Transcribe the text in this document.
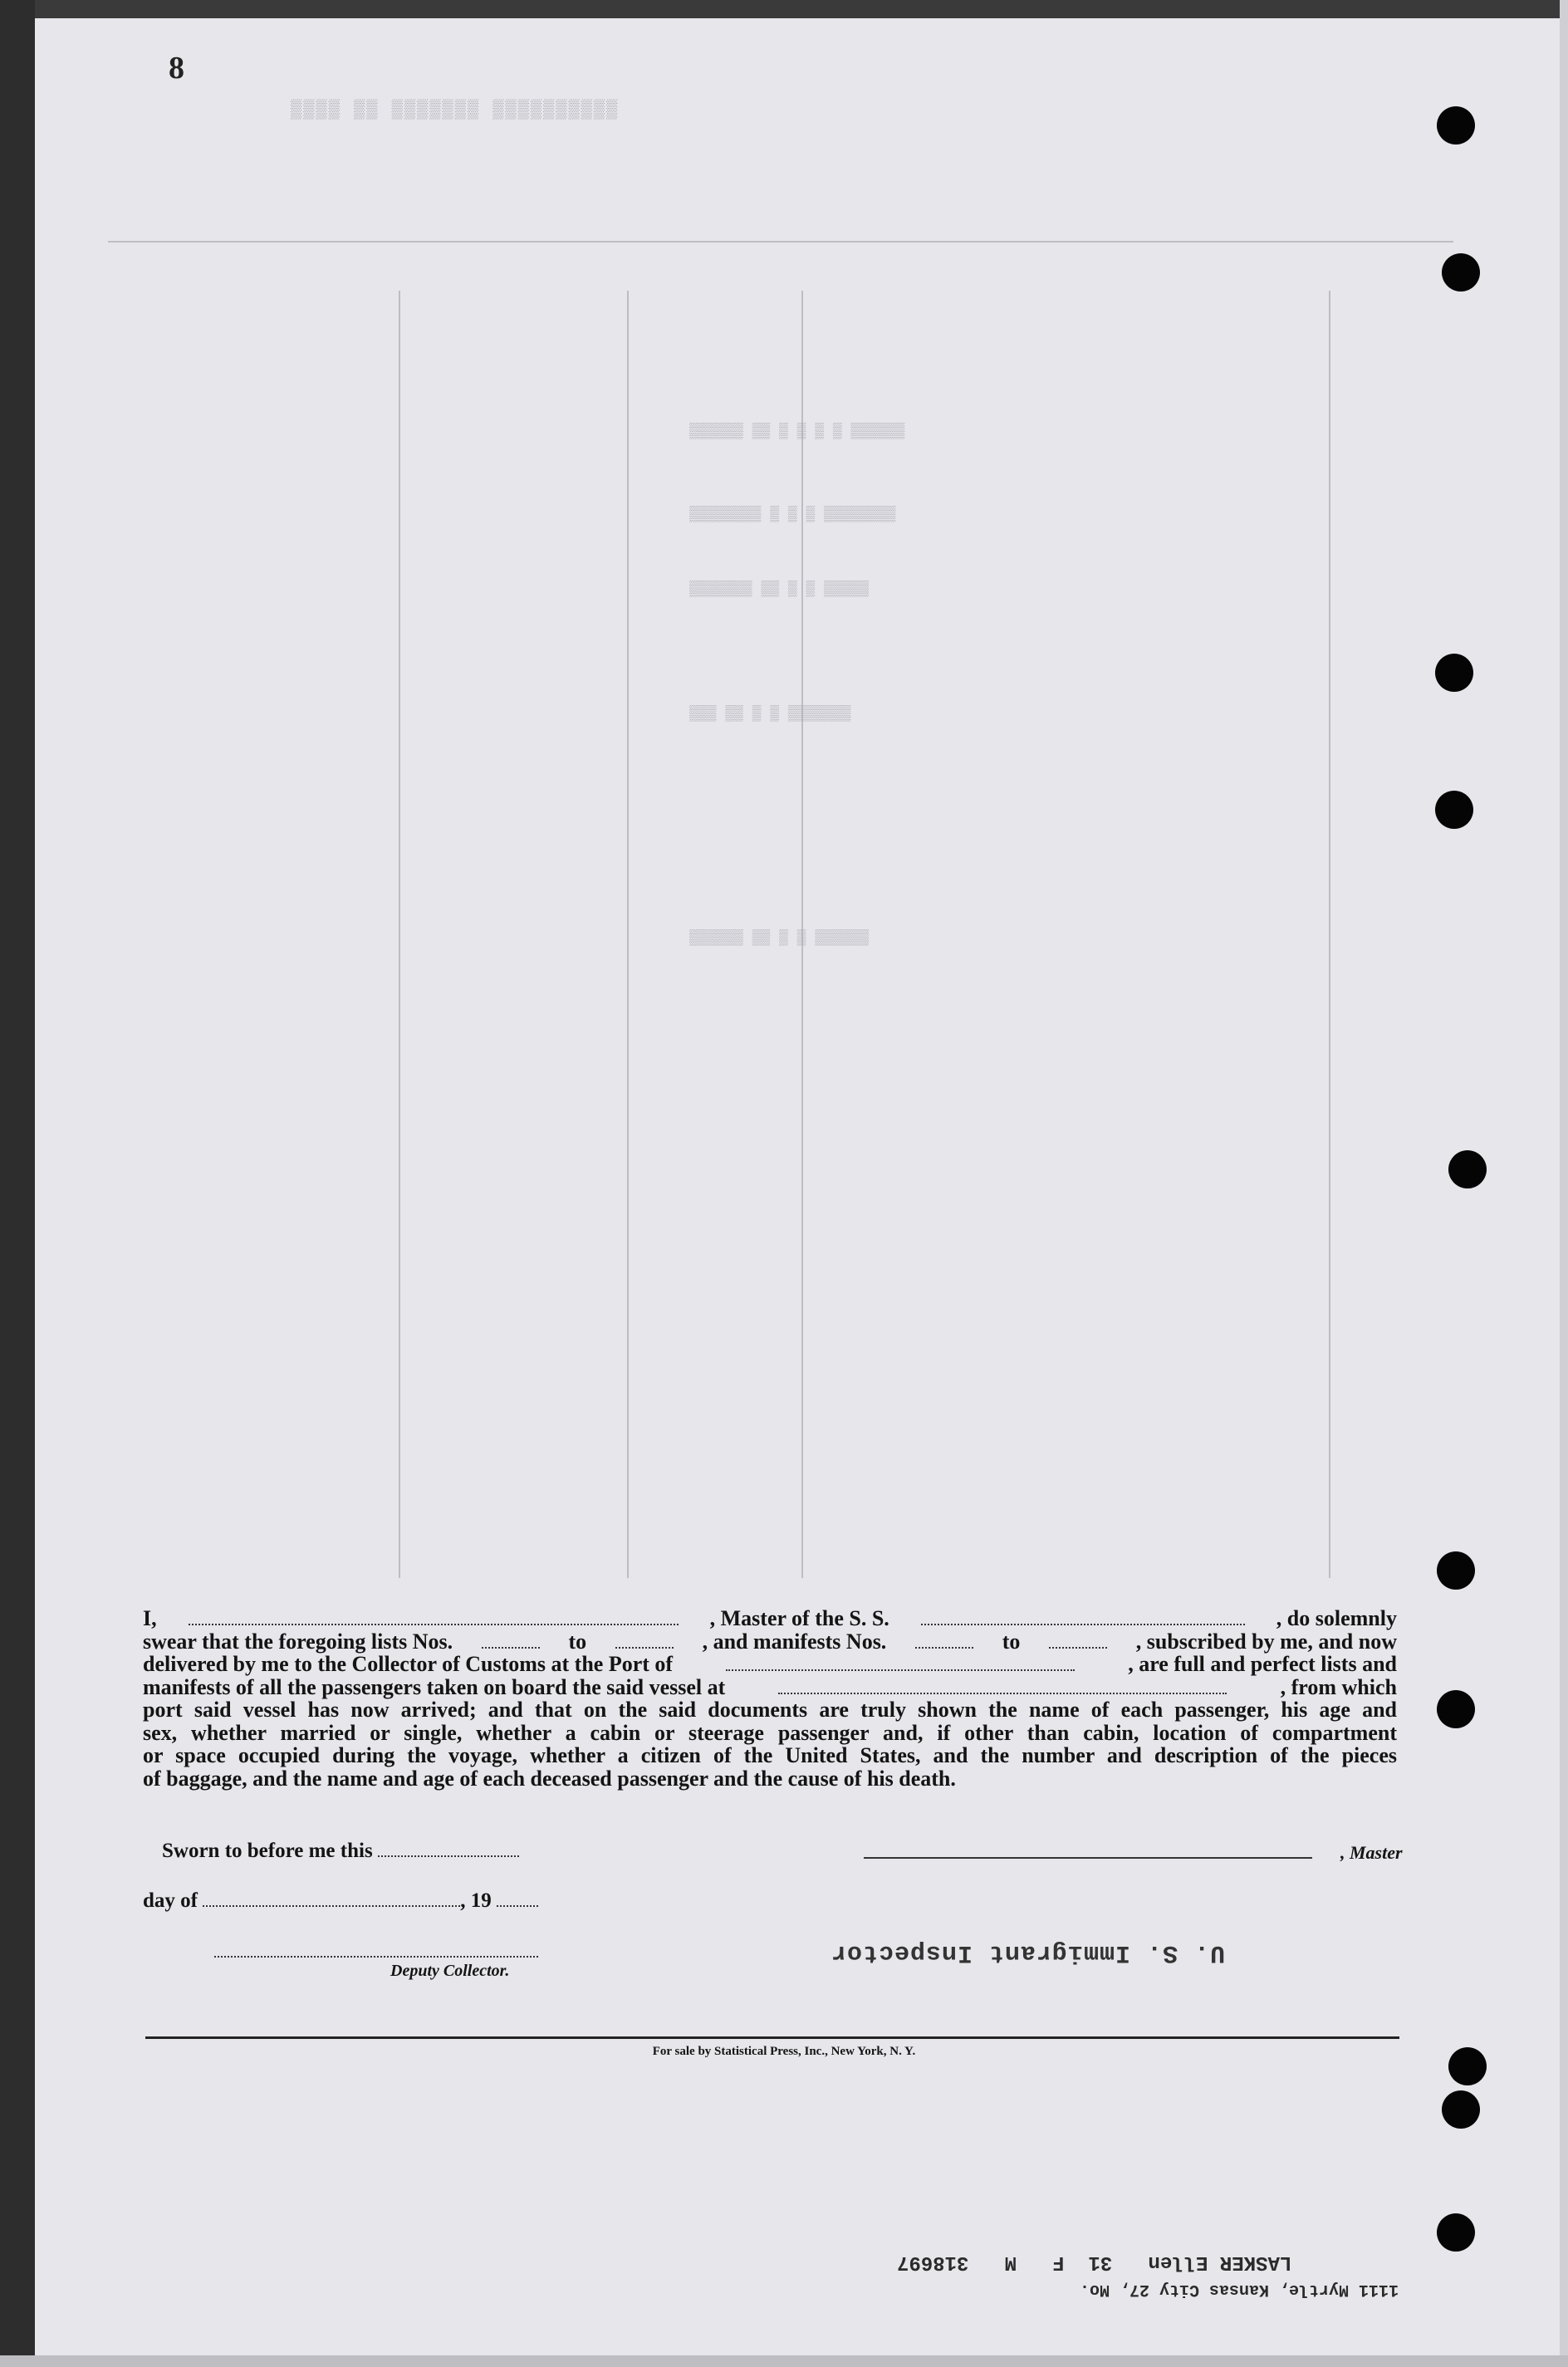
▒▒▒▒ ▒▒ ▒▒▒▒▒▒▒ ▒▒▒▒▒▒▒▒▒▒
▒▒▒▒▒▒ ▒▒ ▒ ▒ ▒ ▒ ▒▒▒▒▒▒
▒▒▒▒▒▒▒▒ ▒ ▒ ▒ ▒▒▒▒▒▒▒▒
▒▒▒▒▒▒▒ ▒▒ ▒ ▒ ▒▒▒▒▒
▒▒▒ ▒▒ ▒ ▒ ▒▒▒▒▒▒▒
▒▒▒▒▒▒ ▒▒ ▒ ▒ ▒▒▒▒▒▒
8
I,	, Master of the S. S.	, do solemnly
swear that the foregoing lists Nos.	to	, and manifests Nos.	to	, subscribed by me, and now
delivered by me to the Collector of Customs at the Port of	, are full and perfect lists and
manifests of all the passengers taken on board the said vessel at	, from which
port said vessel has now arrived; and that on the said documents are truly shown the name of each passenger, his age and
sex, whether married or single, whether a cabin or steerage passenger and, if other than cabin, location of compartment
or space occupied during the voyage, whether a citizen of the United States, and the number and description of the pieces
of baggage, and the name and age of each deceased passenger and the cause of his death.
Sworn to before me this	, Master
day of	, 19
U. S. Immigrant Inspector
Deputy Collector.
For sale by Statistical Press, Inc., New York, N. Y.
LASKER Ellen   31  F   M   318697
1111 Myrtle, Kansas City 27, Mo.
